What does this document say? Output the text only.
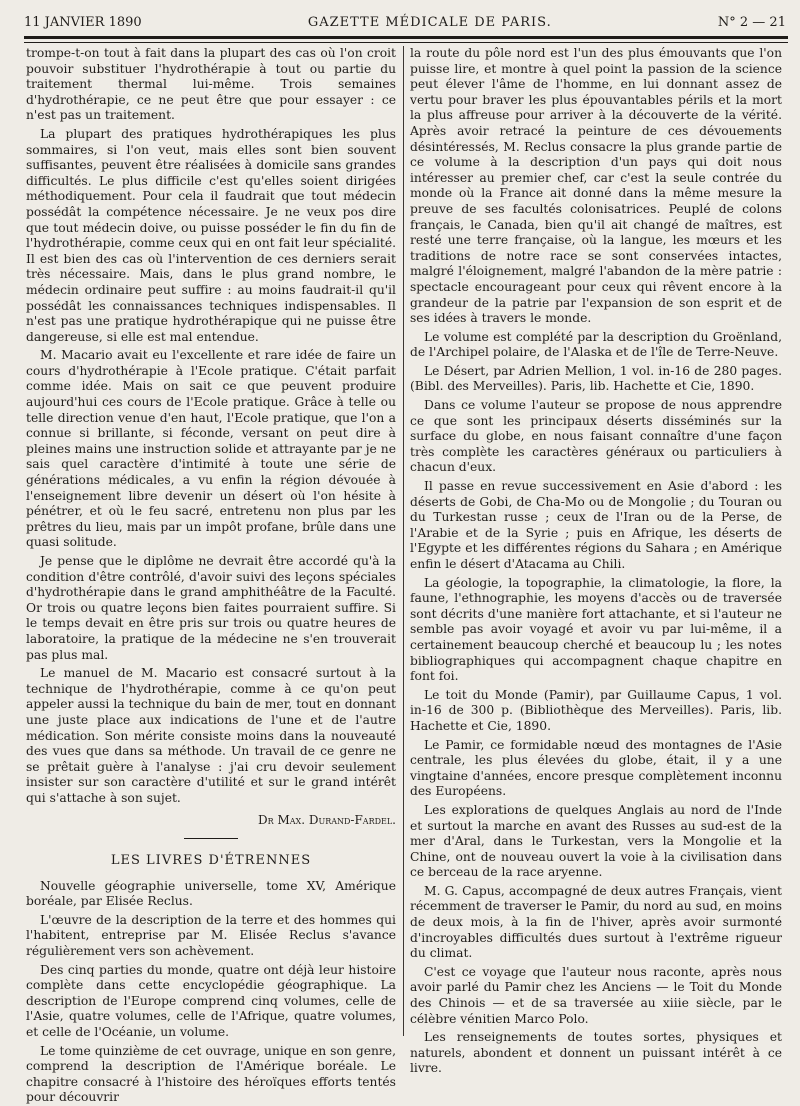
11 JANVIER 1890	GAZETTE MÉDICALE DE PARIS.	N° 2 — 21

trompe-t-on tout à fait dans la plupart des cas où l'on croit pouvoir substituer l'hydrothérapie à tout ou partie du traitement thermal lui-même. Trois semaines d'hydrothérapie, ce ne peut être que pour essayer : ce n'est pas un traitement.

La plupart des pratiques hydrothérapiques les plus sommaires, si l'on veut, mais elles sont bien souvent suffisantes, peuvent être réalisées à domicile sans grandes difficultés. Le plus difficile c'est qu'elles soient dirigées méthodiquement. Pour cela il faudrait que tout médecin possédât la compétence nécessaire. Je ne veux pos dire que tout médecin doive, ou puisse posséder le fin du fin de l'hydrothérapie, comme ceux qui en ont fait leur spécialité. Il est bien des cas où l'intervention de ces derniers serait très nécessaire. Mais, dans le plus grand nombre, le médecin ordinaire peut suffire : au moins faudrait-il qu'il possédât les connaissances techniques indispensables. Il n'est pas une pratique hydrothérapique qui ne puisse être dangereuse, si elle est mal entendue.

M. Macario avait eu l'excellente et rare idée de faire un cours d'hydrothérapie à l'Ecole pratique. C'était parfait comme idée. Mais on sait ce que peuvent produire aujourd'hui ces cours de l'Ecole pratique. Grâce à telle ou telle direction venue d'en haut, l'Ecole pratique, que l'on a connue si brillante, si féconde, versant on peut dire à pleines mains une instruction solide et attrayante par je ne sais quel caractère d'intimité à toute une série de générations médicales, a vu enfin la région dévouée à l'enseignement libre devenir un désert où l'on hésite à pénétrer, et où le feu sacré, entretenu non plus par les prêtres du lieu, mais par un impôt profane, brûle dans une quasi solitude.

Je pense que le diplôme ne devrait être accordé qu'à la condition d'être contrôlé, d'avoir suivi des leçons spéciales d'hydrothérapie dans le grand amphithéâtre de la Faculté. Or trois ou quatre leçons bien faites pourraient suffire. Si le temps devait en être pris sur trois ou quatre heures de laboratoire, la pratique de la médecine ne s'en trouverait pas plus mal.

Le manuel de M. Macario est consacré surtout à la technique de l'hydrothérapie, comme à ce qu'on peut appeler aussi la technique du bain de mer, tout en donnant une juste place aux indications de l'une et de l'autre médication. Son mérite consiste moins dans la nouveauté des vues que dans sa méthode. Un travail de ce genre ne se prêtait guère à l'analyse : j'ai cru devoir seulement insister sur son caractère d'utilité et sur le grand intérêt qui s'attache à son sujet.

Dr Max. Durand-Fardel.
LES LIVRES D'ÉTRENNES

Nouvelle géographie universelle, tome XV, Amérique boréale, par Elisée Reclus.

L'œuvre de la description de la terre et des hommes qui l'habitent, entreprise par M. Elisée Reclus s'avance régulièrement vers son achèvement.

Des cinq parties du monde, quatre ont déjà leur histoire complète dans cette encyclopédie géographique. La description de l'Europe comprend cinq volumes, celle de l'Asie, quatre volumes, celle de l'Afrique, quatre volumes, et celle de l'Océanie, un volume.

Le tome quinzième de cet ouvrage, unique en son genre, comprend la description de l'Amérique boréale. Le chapitre consacré à l'histoire des héroïques efforts tentés pour découvrir

la route du pôle nord est l'un des plus émouvants que l'on puisse lire, et montre à quel point la passion de la science peut élever l'âme de l'homme, en lui donnant assez de vertu pour braver les plus épouvantables périls et la mort la plus affreuse pour arriver à la découverte de la vérité. Après avoir retracé la peinture de ces dévouements désintéressés, M. Reclus consacre la plus grande partie de ce volume à la description d'un pays qui doit nous intéresser au premier chef, car c'est la seule contrée du monde où la France ait donné dans la même mesure la preuve de ses facultés colonisatrices. Peuplé de colons français, le Canada, bien qu'il ait changé de maîtres, est resté une terre française, où la langue, les mœurs et les traditions de notre race se sont conservées intactes, malgré l'éloignement, malgré l'abandon de la mère patrie : spectacle encourageant pour ceux qui rêvent encore à la grandeur de la patrie par l'expansion de son esprit et de ses idées à travers le monde.

Le volume est complété par la description du Groënland, de l'Archipel polaire, de l'Alaska et de l'île de Terre-Neuve.

Le Désert, par Adrien Mellion, 1 vol. in-16 de 280 pages. (Bibl. des Merveilles). Paris, lib. Hachette et Cie, 1890.

Dans ce volume l'auteur se propose de nous apprendre ce que sont les principaux déserts disséminés sur la surface du globe, en nous faisant connaître d'une façon très complète les caractères généraux ou particuliers à chacun d'eux.

Il passe en revue successivement en Asie d'abord : les déserts de Gobi, de Cha-Mo ou de Mongolie ; du Touran ou du Turkestan russe ; ceux de l'Iran ou de la Perse, de l'Arabie et de la Syrie ; puis en Afrique, les déserts de l'Egypte et les différentes régions du Sahara ; en Amérique enfin le désert d'Atacama au Chili.

La géologie, la topographie, la climatologie, la flore, la faune, l'ethnographie, les moyens d'accès ou de traversée sont décrits d'une manière fort attachante, et si l'auteur ne semble pas avoir voyagé et avoir vu par lui-même, il a certainement beaucoup cherché et beaucoup lu ; les notes bibliographiques qui accompagnent chaque chapitre en font foi.

Le toit du Monde (Pamir), par Guillaume Capus, 1 vol. in-16 de 300 p. (Bibliothèque des Merveilles). Paris, lib. Hachette et Cie, 1890.

Le Pamir, ce formidable nœud des montagnes de l'Asie centrale, les plus élevées du globe, était, il y a une vingtaine d'années, encore presque complètement inconnu des Européens.

Les explorations de quelques Anglais au nord de l'Inde et surtout la marche en avant des Russes au sud-est de la mer d'Aral, dans le Turkestan, vers la Mongolie et la Chine, ont de nouveau ouvert la voie à la civilisation dans ce berceau de la race aryenne.

M. G. Capus, accompagné de deux autres Français, vient récemment de traverser le Pamir, du nord au sud, en moins de deux mois, à la fin de l'hiver, après avoir surmonté d'incroyables difficultés dues surtout à l'extrême rigueur du climat.

C'est ce voyage que l'auteur nous raconte, après nous avoir parlé du Pamir chez les Anciens — le Toit du Monde des Chinois — et de sa traversée au xiiie siècle, par le célèbre vénitien Marco Polo.

Les renseignements de toutes sortes, physiques et naturels, abondent et donnent un puissant intérêt à ce livre.
